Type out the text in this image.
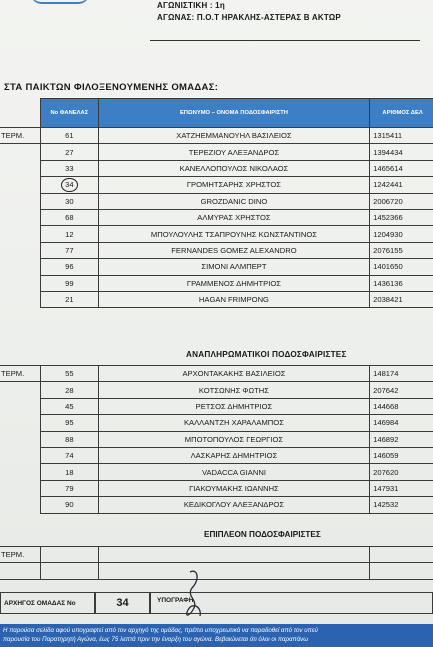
ΑΓΩΝΙΣΤΙΚΗ : 1η
ΑΓΩΝΑΣ: Π.Ο.Τ ΗΡΑΚΛΗΣ-ΑΣΤΕΡΑΣ Β ΑΚΤΩΡ
ΣΤΑ ΠΑΙΚΤΩΝ ΦΙΛΟΞΕΝΟΥΜΕΝΗΣ ΟΜΑΔΑΣ:
	Νο ΦΑΝΕΛΑΣ	ΕΠΩΝΥΜΟ – ΟΝΟΜΑ ΠΟΔΟΣΦΑΙΡΙΣΤΗ	ΑΡΙΘΜΟΣ ΔΕΛ
ΤΕΡΜ.	61	ΧΑΤΖΗΕΜΜΑΝΟΥΗΛ ΒΑΣΙΛΕΙΟΣ	1315411
	27	ΤΕΡΕΖΙΟΥ ΑΛΕΞΑΝΔΡΟΣ	1394434
	33	ΚΑΝΕΛΛΟΠΟΥΛΟΣ ΝΙΚΟΛΑΟΣ	1465614
	34	ΓΡΟΜΗΤΣΑΡΗΣ ΧΡΗΣΤΟΣ	1242441
	30	GROZDANIC DINO	2006720
	68	ΑΛΜΥΡΑΣ ΧΡΗΣΤΟΣ	1452366
	12	ΜΠΟΥΛΟΥΛΗΣ ΤΣΑΠΡΟΥΝΗΣ ΚΩΝΣΤΑΝΤΙΝΟΣ	1204930
	77	FERNANDES GOMEZ ALEXANDRO	2076155
	96	ΣΙΜΟΝΙ ΑΛΜΠΕΡΤ	1401650
	99	ΓΡΑΜΜΕΝΟΣ ΔΗΜΗΤΡΙΟΣ	1436136
	21	HAGAN FRIMPONG	2038421
ΑΝΑΠΛΗΡΩΜΑΤΙΚΟΙ ΠΟΔΟΣΦΑΙΡΙΣΤΕΣ
ΤΕΡΜ.	55	ΑΡΧΟΝΤΑΚΑΚΗΣ ΒΑΣΙΛΕΙΟΣ	148174
	28	ΚΟΤΣΩΝΗΣ ΦΩΤΗΣ	207642
	45	ΡΕΤΣΟΣ ΔΗΜΗΤΡΙΟΣ	144668
	95	ΚΑΛΛΑΝΤΖΗ ΧΑΡΑΛΑΜΠΟΣ	146984
	88	ΜΠΟΤΟΠΟΥΛΟΣ ΓΕΩΡΓΙΟΣ	146892
	74	ΛΑΣΚΑΡΗΣ ΔΗΜΗΤΡΙΟΣ	146059
	18	VADACCA GIANNI	207620
	79	ΓΙΑΚΟΥΜΑΚΗΣ ΙΩΑΝΝΗΣ	147931
	90	ΚΕΔΙΚΟΓΛΟΥ ΑΛΕΞΑΝΔΡΟΣ	142532
ΕΠΙΠΛΕΟΝ ΠΟΔΟΣΦΑΙΡΙΣΤΕΣ
ΤΕΡΜ.			

ΑΡΧΗΓΟΣ ΟΜΑΔΑΣ Νο	34	ΥΠΟΓΡΑΦΗ
Η παρούσα σελίδα αφού υπογραφτεί από τον αρχηγό της ομάδας, πρέπει υποχρεωτικά να παραδοθεί από τον υπεύ
παρουσία του Παρατηρητή Αγώνα, έως 75 λεπτά πριν την έναρξη του αγώνα. Βεβαιώνεται ότι όλοι οι παραπάνω
